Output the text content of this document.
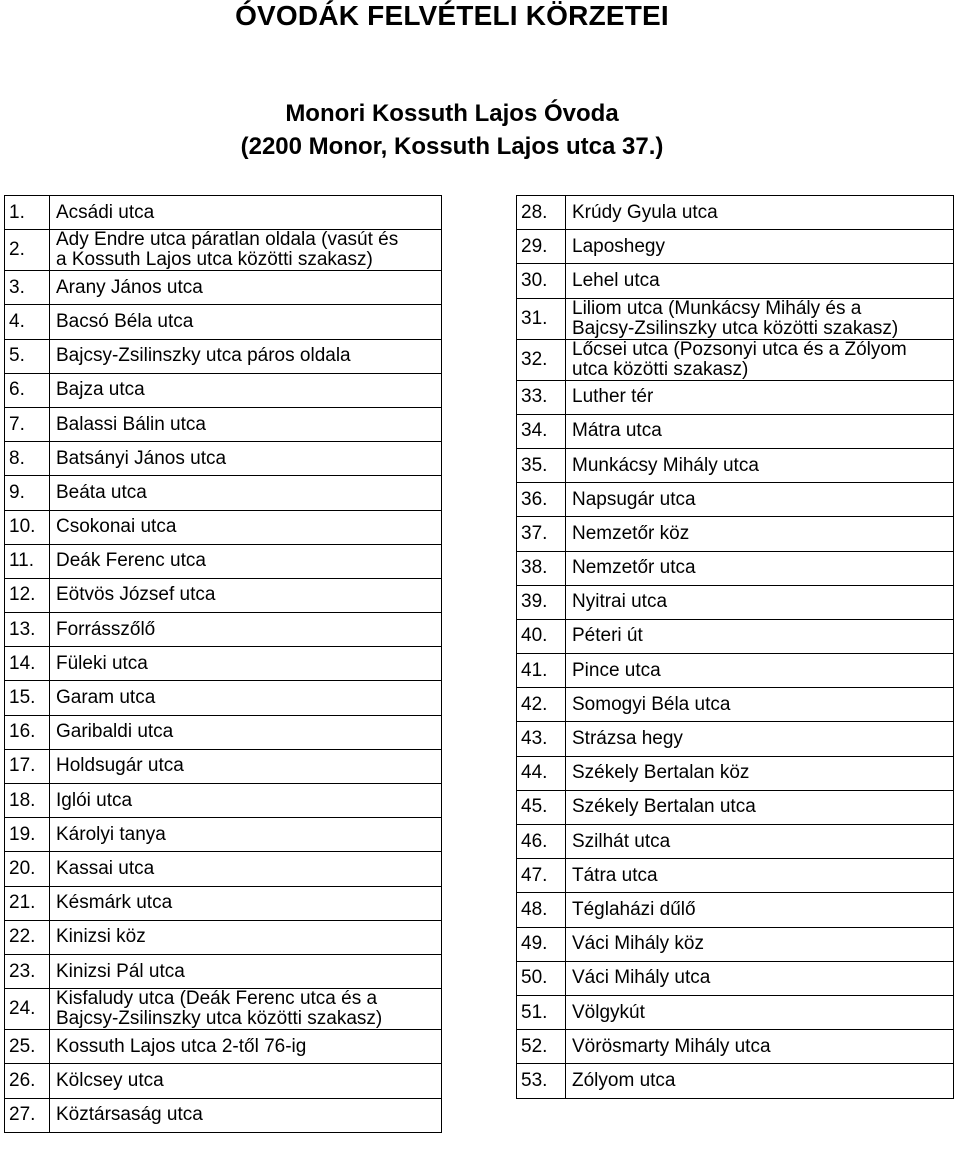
ÓVODÁK FELVÉTELI KÖRZETEI
Monori Kossuth Lajos Óvoda
(2200 Monor, Kossuth Lajos utca 37.)
1.	Acsádi utca

2.	Ady Endre utca páratlan oldala (vasút és
a Kossuth Lajos utca közötti szakasz)

3.	Arany János utca

4.	Bacsó Béla utca

5.	Bajcsy-Zsilinszky utca páros oldala

6.	Bajza utca

7.	Balassi Bálin utca

8.	Batsányi János utca

9.	Beáta utca

10.	Csokonai utca

11.	Deák Ferenc utca

12.	Eötvös József utca

13.	Forrásszőlő

14.	Füleki utca

15.	Garam utca

16.	Garibaldi utca

17.	Holdsugár utca

18.	Iglói utca

19.	Károlyi tanya

20.	Kassai utca

21.	Késmárk utca

22.	Kinizsi köz

23.	Kinizsi Pál utca

24.	Kisfaludy utca (Deák Ferenc utca és a
Bajcsy-Zsilinszky utca közötti szakasz)

25.	Kossuth Lajos utca 2-től 76-ig

26.	Kölcsey utca

27.	Köztársaság utca
28.	Krúdy Gyula utca

29.	Laposhegy

30.	Lehel utca

31.	Liliom utca (Munkácsy Mihály és a
Bajcsy-Zsilinszky utca közötti szakasz)

32.	Lőcsei utca (Pozsonyi utca és a Zólyom
utca közötti szakasz)

33.	Luther tér

34.	Mátra utca

35.	Munkácsy Mihály utca

36.	Napsugár utca

37.	Nemzetőr köz

38.	Nemzetőr utca

39.	Nyitrai utca

40.	Péteri út

41.	Pince utca

42.	Somogyi Béla utca

43.	Strázsa hegy

44.	Székely Bertalan köz

45.	Székely Bertalan utca

46.	Szilhát utca

47.	Tátra utca

48.	Téglaházi dűlő

49.	Váci Mihály köz

50.	Váci Mihály utca

51.	Völgykút

52.	Vörösmarty Mihály utca

53.	Zólyom utca
